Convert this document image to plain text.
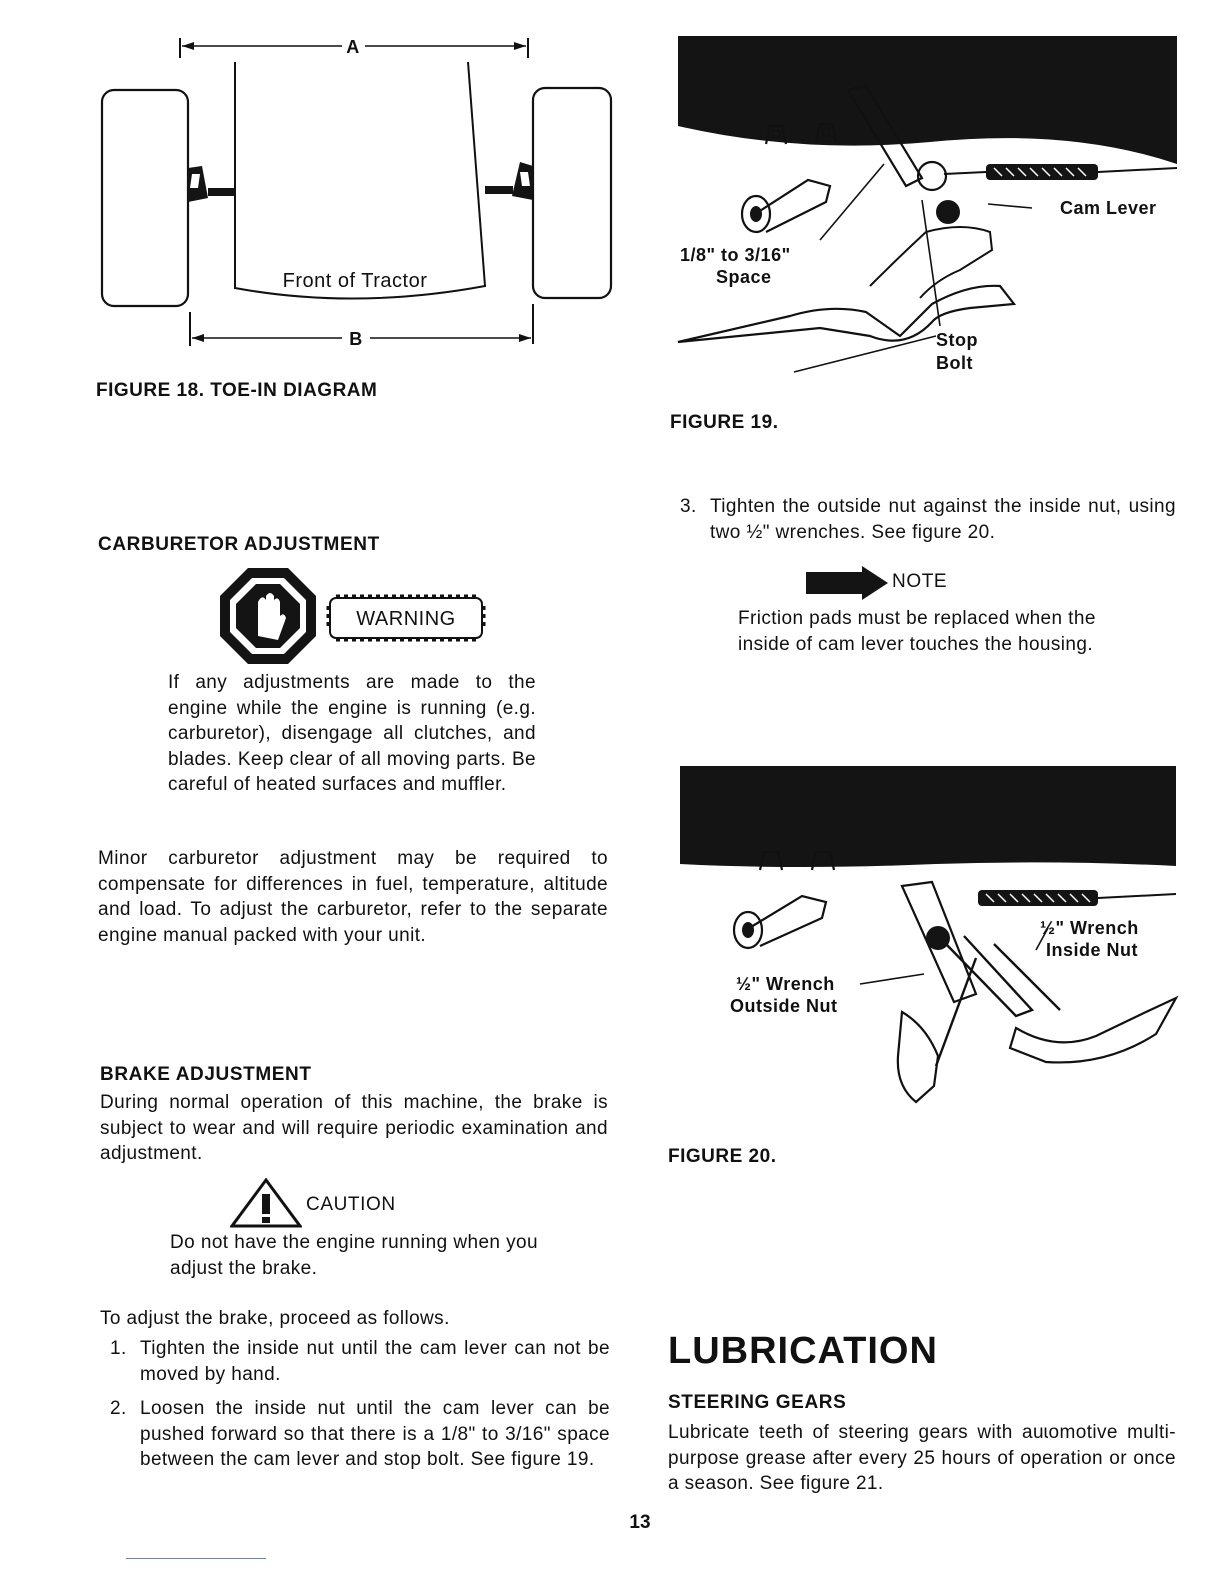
A
Front of Tractor
B
FIGURE 18. TOE-IN DIAGRAM
1/8" to 3/16"
Space
Cam Lever
Stop
Bolt
FIGURE 19.
3. Tighten the outside nut against the inside nut, using two ½" wrenches. See figure 20.
NOTE
Friction pads must be replaced when the inside of cam lever touches the housing.
½" Wrench
Inside Nut
½" Wrench
Outside Nut
FIGURE 20.
CARBURETOR ADJUSTMENT
WARNING
If any adjustments are made to the engine while the engine is running (e.g. carburetor), disengage all clutches, and blades. Keep clear of all moving parts. Be careful of heated surfaces and muffler.
Minor carburetor adjustment may be required to compensate for differences in fuel, temperature, altitude and load. To adjust the carburetor, refer to the separate engine manual packed with your unit.
BRAKE ADJUSTMENT
During normal operation of this machine, the brake is subject to wear and will require periodic examination and adjustment.
CAUTION
Do not have the engine running when you adjust the brake.
To adjust the brake, proceed as follows.
1. Tighten the inside nut until the cam lever can not be moved by hand.
2. Loosen the inside nut until the cam lever can be pushed forward so that there is a 1/8" to 3/16" space between the cam lever and stop bolt. See figure 19.
LUBRICATION
STEERING GEARS
Lubricate teeth of steering gears with auɩomotive multi-purpose grease after every 25 hours of operation or once a season. See figure 21.
13
